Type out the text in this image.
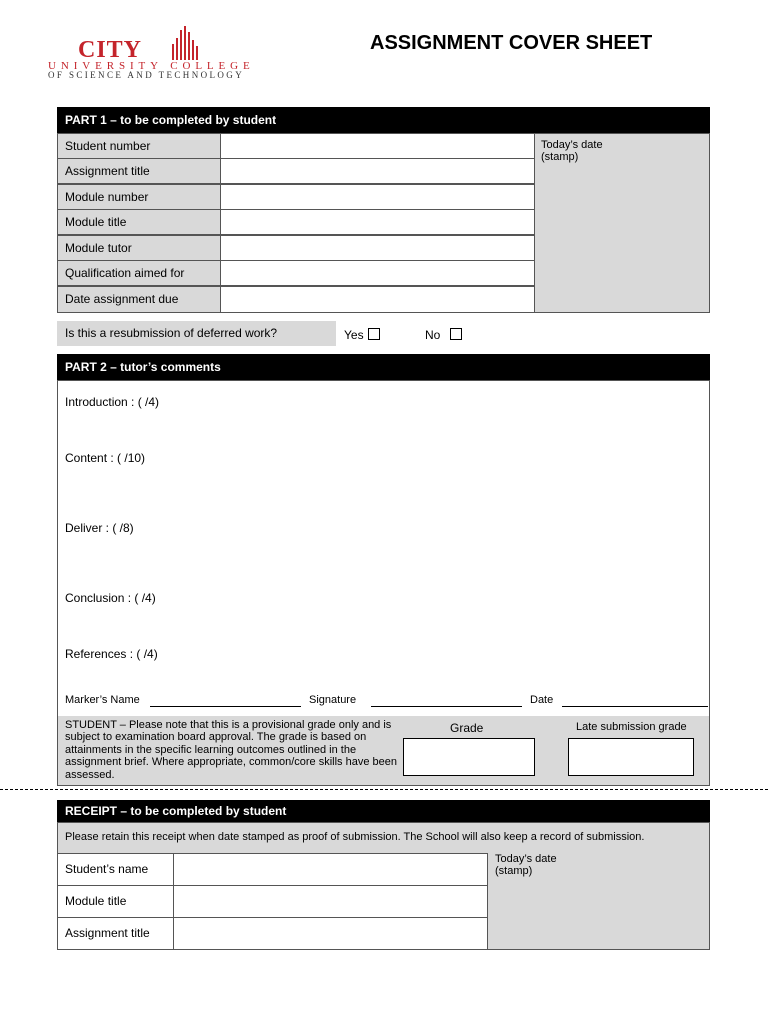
CITY
UNIVERSITY COLLEGE
OF SCIENCE AND TECHNOLOGY
ASSIGNMENT COVER SHEET
PART 1 – to be completed by student
Today’s date
(stamp)
Student number
Assignment title
Module number
Module title
Module tutor
Qualification aimed for
Date assignment due
Is this a resubmission of deferred work?	Yes	No
PART 2 – tutor’s comments
Introduction : ( /4)
Content : ( /10)
Deliver : ( /8)
Conclusion : ( /4)
References : ( /4)
Marker’s Name	Signature	Date
STUDENT – Please note that this is a provisional grade only and is subject to examination board approval. The grade is based on attainments in the specific learning outcomes outlined in the assignment brief. Where appropriate, common/core skills have been assessed.
Grade	Late submission grade
RECEIPT – to be completed by student
Please retain this receipt when date stamped as proof of submission. The School will also keep a record of submission.
Student’s name
Module title
Assignment title
Today’s date
(stamp)
